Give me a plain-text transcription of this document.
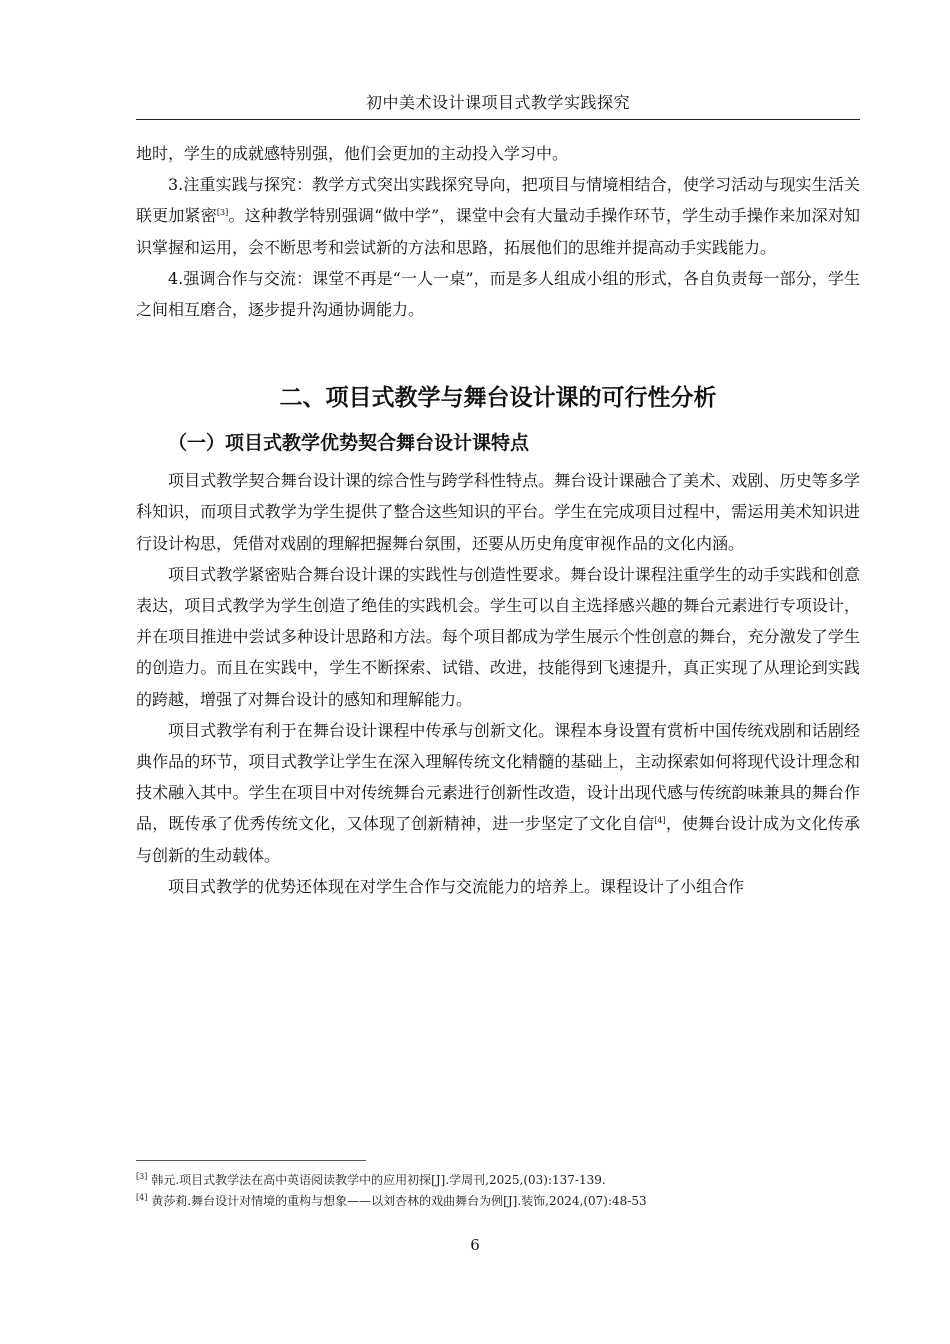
初中美术设计课项目式教学实践探究

地时，学生的成就感特别强，他们会更加的主动投入学习中。

3.注重实践与探究：教学方式突出实践探究导向，把项目与情境相结合，使学习活动与现实生活关联更加紧密[3]。这种教学特别强调“做中学”，课堂中会有大量动手操作环节，学生动手操作来加深对知识掌握和运用，会不断思考和尝试新的方法和思路，拓展他们的思维并提高动手实践能力。

4.强调合作与交流：课堂不再是“一人一桌”，而是多人组成小组的形式，各自负责每一部分，学生之间相互磨合，逐步提升沟通协调能力。

二、项目式教学与舞台设计课的可行性分析
（一）项目式教学优势契合舞台设计课特点

项目式教学契合舞台设计课的综合性与跨学科性特点。舞台设计课融合了美术、戏剧、历史等多学科知识，而项目式教学为学生提供了整合这些知识的平台。学生在完成项目过程中，需运用美术知识进行设计构思，凭借对戏剧的理解把握舞台氛围，还要从历史角度审视作品的文化内涵。

项目式教学紧密贴合舞台设计课的实践性与创造性要求。舞台设计课程注重学生的动手实践和创意表达，项目式教学为学生创造了绝佳的实践机会。学生可以自主选择感兴趣的舞台元素进行专项设计，并在项目推进中尝试多种设计思路和方法。每个项目都成为学生展示个性创意的舞台，充分激发了学生的创造力。而且在实践中，学生不断探索、试错、改进，技能得到飞速提升，真正实现了从理论到实践的跨越，增强了对舞台设计的感知和理解能力。

项目式教学有利于在舞台设计课程中传承与创新文化。课程本身设置有赏析中国传统戏剧和话剧经典作品的环节，项目式教学让学生在深入理解传统文化精髓的基础上，主动探索如何将现代设计理念和技术融入其中。学生在项目中对传统舞台元素进行创新性改造，设计出现代感与传统韵味兼具的舞台作品，既传承了优秀传统文化，又体现了创新精神，进一步坚定了文化自信[4]，使舞台设计成为文化传承与创新的生动载体。

项目式教学的优势还体现在对学生合作与交流能力的培养上。课程设计了小组合作

[3] 韩元.项目式教学法在高中英语阅读教学中的应用初探[J].学周刊,2025,(03):137-139.

[4] 黄莎莉.舞台设计对情境的重构与想象——以刘杏林的戏曲舞台为例[J].装饰,2024,(07):48-53

6
